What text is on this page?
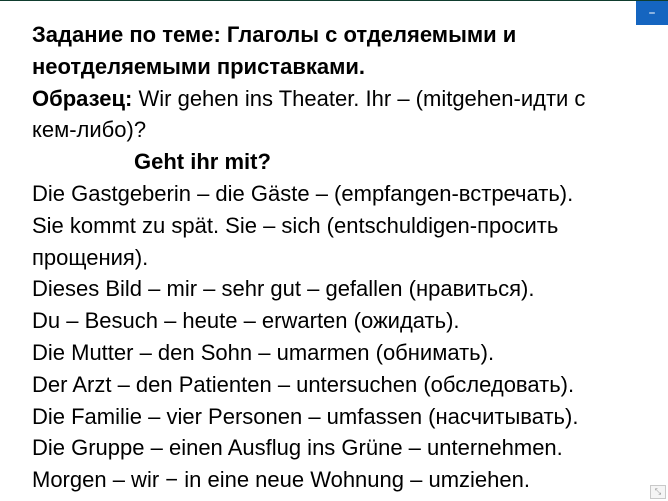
–
Задание по теме: Глаголы с отделяемыми и
неотделяемыми приставками.
Образец: Wir gehen ins Theater. Ihr – (mitgehen-идти с
кем-либо)?
Geht ihr mit?
Die Gastgeberin – die Gäste – (empfangen-встречать).
Sie kommt zu spät. Sie – sich (entschuldigen-просить
прощения).
Dieses Bild – mir – sehr gut – gefallen (нравиться).
Du – Besuch – heute – erwarten (ожидать).
Die Mutter – den Sohn – umarmen (обнимать).
Der Arzt – den Patienten – untersuchen (обследовать).
Die Familie – vier Personen – umfassen (насчитывать).
Die Gruppe – einen Ausflug ins Grüne – unternehmen.
Morgen – wir − in eine neue Wohnung – umziehen.	⤡
